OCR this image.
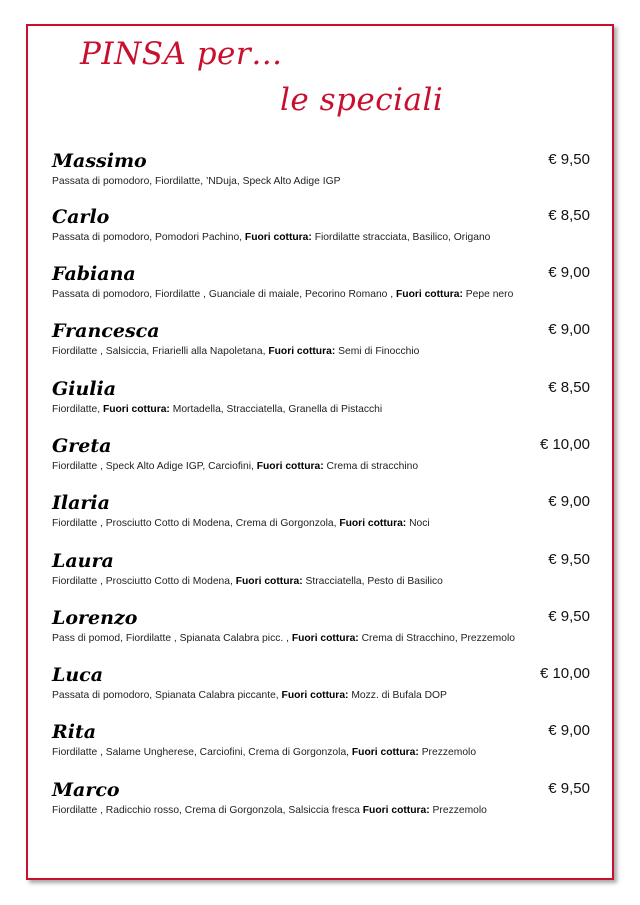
PINSA per…
le speciali
Massimo	€ 9,50
Passata di pomodoro, Fiordilatte, ’NDuja, Speck Alto Adige IGP
Carlo	€ 8,50
Passata di pomodoro, Pomodori Pachino, Fuori cottura: Fiordilatte stracciata, Basilico, Origano
Fabiana	€ 9,00
Passata di pomodoro, Fiordilatte , Guanciale di maiale, Pecorino Romano , Fuori cottura: Pepe nero
Francesca	€ 9,00
Fiordilatte , Salsiccia, Friarielli alla Napoletana, Fuori cottura: Semi di Finocchio
Giulia	€ 8,50
Fiordilatte, Fuori cottura: Mortadella, Stracciatella, Granella di Pistacchi
Greta	€ 10,00
Fiordilatte , Speck Alto Adige IGP, Carciofini, Fuori cottura: Crema di stracchino
Ilaria	€ 9,00
Fiordilatte , Prosciutto Cotto di Modena, Crema di Gorgonzola, Fuori cottura: Noci
Laura	€ 9,50
Fiordilatte , Prosciutto Cotto di Modena, Fuori cottura: Stracciatella, Pesto di Basilico
Lorenzo	€ 9,50
Pass di pomod, Fiordilatte , Spianata Calabra picc. , Fuori cottura: Crema di Stracchino, Prezzemolo
Luca	€ 10,00
Passata di pomodoro, Spianata Calabra piccante, Fuori cottura: Mozz. di Bufala DOP
Rita	€ 9,00
Fiordilatte , Salame Ungherese, Carciofini, Crema di Gorgonzola, Fuori cottura: Prezzemolo
Marco	€ 9,50
Fiordilatte , Radicchio rosso, Crema di Gorgonzola, Salsiccia fresca Fuori cottura: Prezzemolo
